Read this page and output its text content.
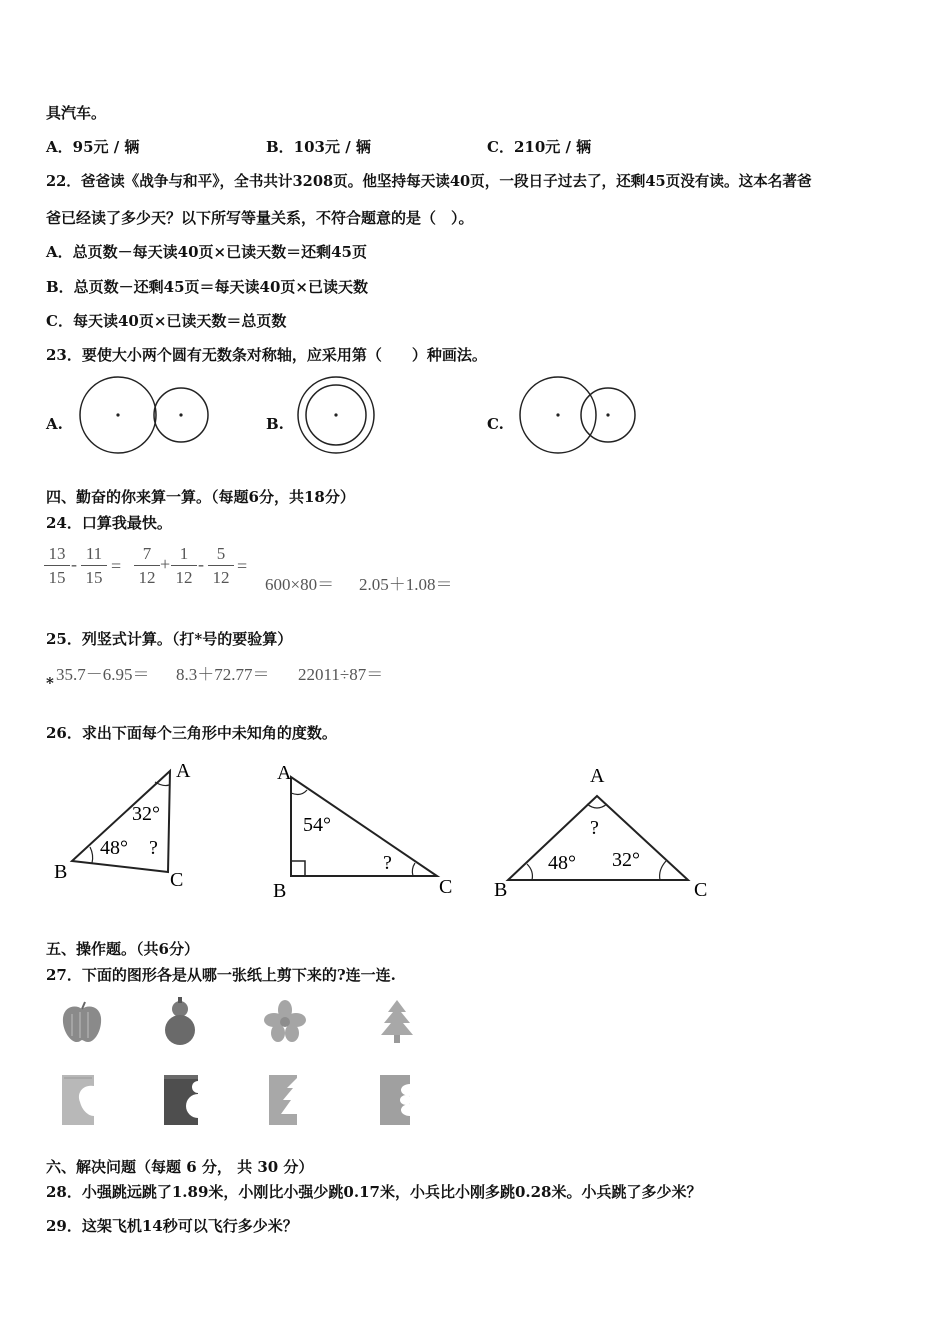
具汽车。
A．95元 / 辆	B．103元 / 辆	C．210元 / 辆
22．爸爸读《战争与和平》，全书共计3208页。他坚持每天读40页，一段日子过去了，还剩45页没有读。这本名著爸
爸已经读了多少天？以下所写等量关系，不符合题意的是（　）。
A．总页数－每天读40页×已读天数＝还剩45页
B．总页数－还剩45页＝每天读40页×已读天数
C．每天读40页×已读天数＝总页数
23．要使大小两个圆有无数条对称轴，应采用第（　　）种画法。
A.	B.	C.
四、勤奋的你来算一算。（每题6分，共18分）
24．口算我最快。
$\frac{13}{15} - \frac{11}{15} = \frac{7}{12} + \frac{1}{12} - \frac{5}{12}$ =
600×80＝ 2.05＋1.08＝
25．列竖式计算。（打*号的要验算）
* 35.7－6.95＝ 8.3＋72.77＝ 22011÷87＝
26．求出下面每个三角形中未知角的度数。
A
B	C
32°
48° ?
A
B	C
54°
?
A
B	C
?
48° 32°
五、操作题。（共6分）
27．下面的图形各是从哪一张纸上剪下来的?连一连.
六、解决问题（每题 6 分， 共 30 分）
28．小强跳远跳了1.89米，小刚比小强少跳0.17米，小兵比小刚多跳0.28米。小兵跳了多少米？
29．这架飞机14秒可以飞行多少米？
